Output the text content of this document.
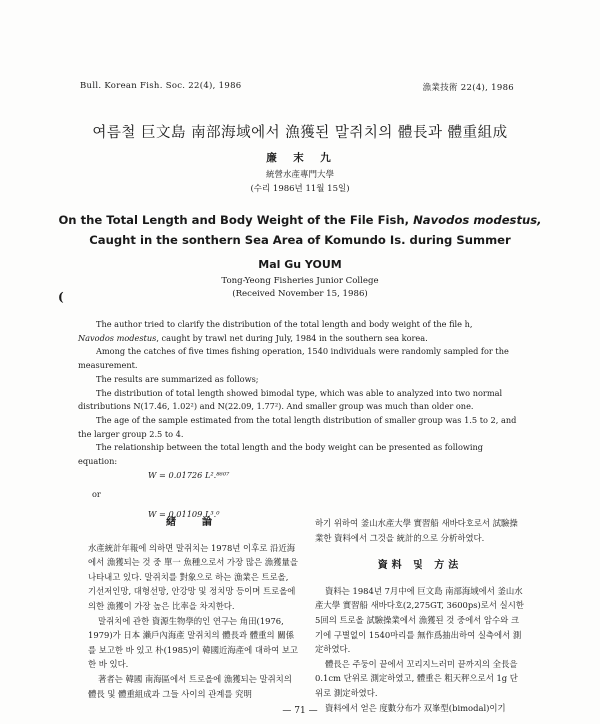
Bull. Korean Fish. Soc. 22(4), 1986	漁業技術 22(4), 1986
여름철 巨文島 南部海域에서 漁獲된 말쥐치의 體長과 體重組成
廉　末　九
統營水產專門大學
(수리 1986년 11월 15일)
On the Total Length and Body Weight of the File Fish, Navodos modestus,
Caught in the sonthern Sea Area of Komundo Is. during Summer
Mal Gu YOUM
Tong-Yeong Fisheries Junior College
(Received November 15, 1986)
(

The author tried to clarify the distribution of the total length and body weight of the file h,

Navodos modestus, caught by trawl net during July, 1984 in the southern sea korea.

Among the catches of five times fishing operation, 1540 individuals were randomly sampled for the measurement.

The results are summarized as follows;

The distribution of total length showed bimodal type, which was able to analyzed into two normal distributions N(17.46, 1.02²) and N(22.09, 1.77²). And smaller group was much than older one.

The age of the sample estimated from the total length distribution of smaller group was 1.5 to 2, and the larger group 2.5 to 4.

The relationship between the total length and the body weight can be presented as following equation:

W = 0.01726 L².⁸⁶⁰⁷

or

W = 0.01109 L³.⁰

緖　論

水產統計年報에 의하면 말쥐치는 1978년 이후로 沿近海에서 漁獲되는 것 중 單一 魚種으로서 가장 많은 漁獲量을 나타내고 있다. 말쥐치를 對象으로 하는 漁業은 트로올, 기선저인망, 대형선망, 안강망 및 정치망 등이며 트로올에 의한 漁獲이 가장 높은 比率을 차지한다.

말쥐치에 관한 資源生物學的인 연구는 角田(1976, 1979)가 日本 瀨戶內海產 말쥐치의 體長과 體重의 關係를 보고한 바 있고 朴(1985)이 韓國近海產에 대하여 보고한 바 있다.

著者는 韓國 南海區에서 트로올에 漁獲되는 말쥐치의 體長 및 體重組成과 그들 사이의 관계를 究明

하기 위하여 釜山水產大學 實習船 새바다호로서 試驗操業한 資料에서 그것을 統計的으로 分析하였다.

資料 및 方法

資料는 1984년 7月中에 巨文島 南部海域에서 釜山水產大學 實習船 새바다호(2,275GT, 3600ps)로서 실시한 5回의 트로올 試驗操業에서 漁獲된 것 중에서 암수와 크기에 구별없이 1540마리를 無作爲抽出하여 실측에서 測定하였다.

體長은 주둥이 끝에서 꼬리지느러미 끝까지의 全長을 0.1cm 단위로 測定하였고, 體重은 粗天秤으로서 1g 단위로 測定하였다.

資料에서 얻은 度數分布가 双峯型(bimodal)이기

— 71 —
